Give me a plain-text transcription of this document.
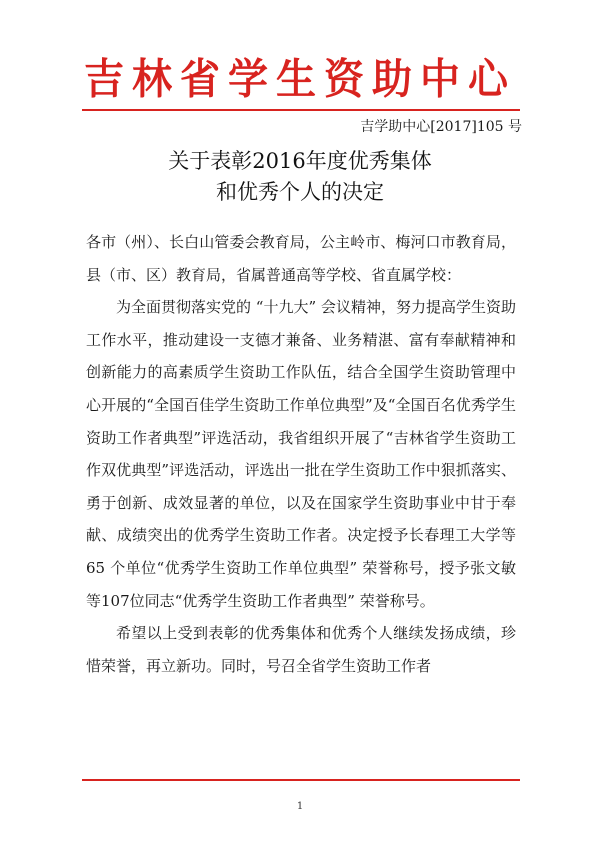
吉林省学生资助中心
吉学助中心[2017]105 号
关于表彰2016年度优秀集体
和优秀个人的决定

各市（州）、长白山管委会教育局，公主岭市、梅河口市教育局，县（市、区）教育局，省属普通高等学校、省直属学校：

为全面贯彻落实党的 “十九大” 会议精神，努力提高学生资助工作水平，推动建设一支德才兼备、业务精湛、富有奉献精神和创新能力的高素质学生资助工作队伍，结合全国学生资助管理中心开展的“全国百佳学生资助工作单位典型”及“全国百名优秀学生资助工作者典型”评选活动，我省组织开展了“吉林省学生资助工作双优典型”评选活动，评选出一批在学生资助工作中狠抓落实、勇于创新、成效显著的单位，以及在国家学生资助事业中甘于奉献、成绩突出的优秀学生资助工作者。决定授予长春理工大学等 65 个单位“优秀学生资助工作单位典型” 荣誉称号，授予张文敏等107位同志“优秀学生资助工作者典型” 荣誉称号。

希望以上受到表彰的优秀集体和优秀个人继续发扬成绩，珍惜荣誉，再立新功。同时，号召全省学生资助工作者

1
